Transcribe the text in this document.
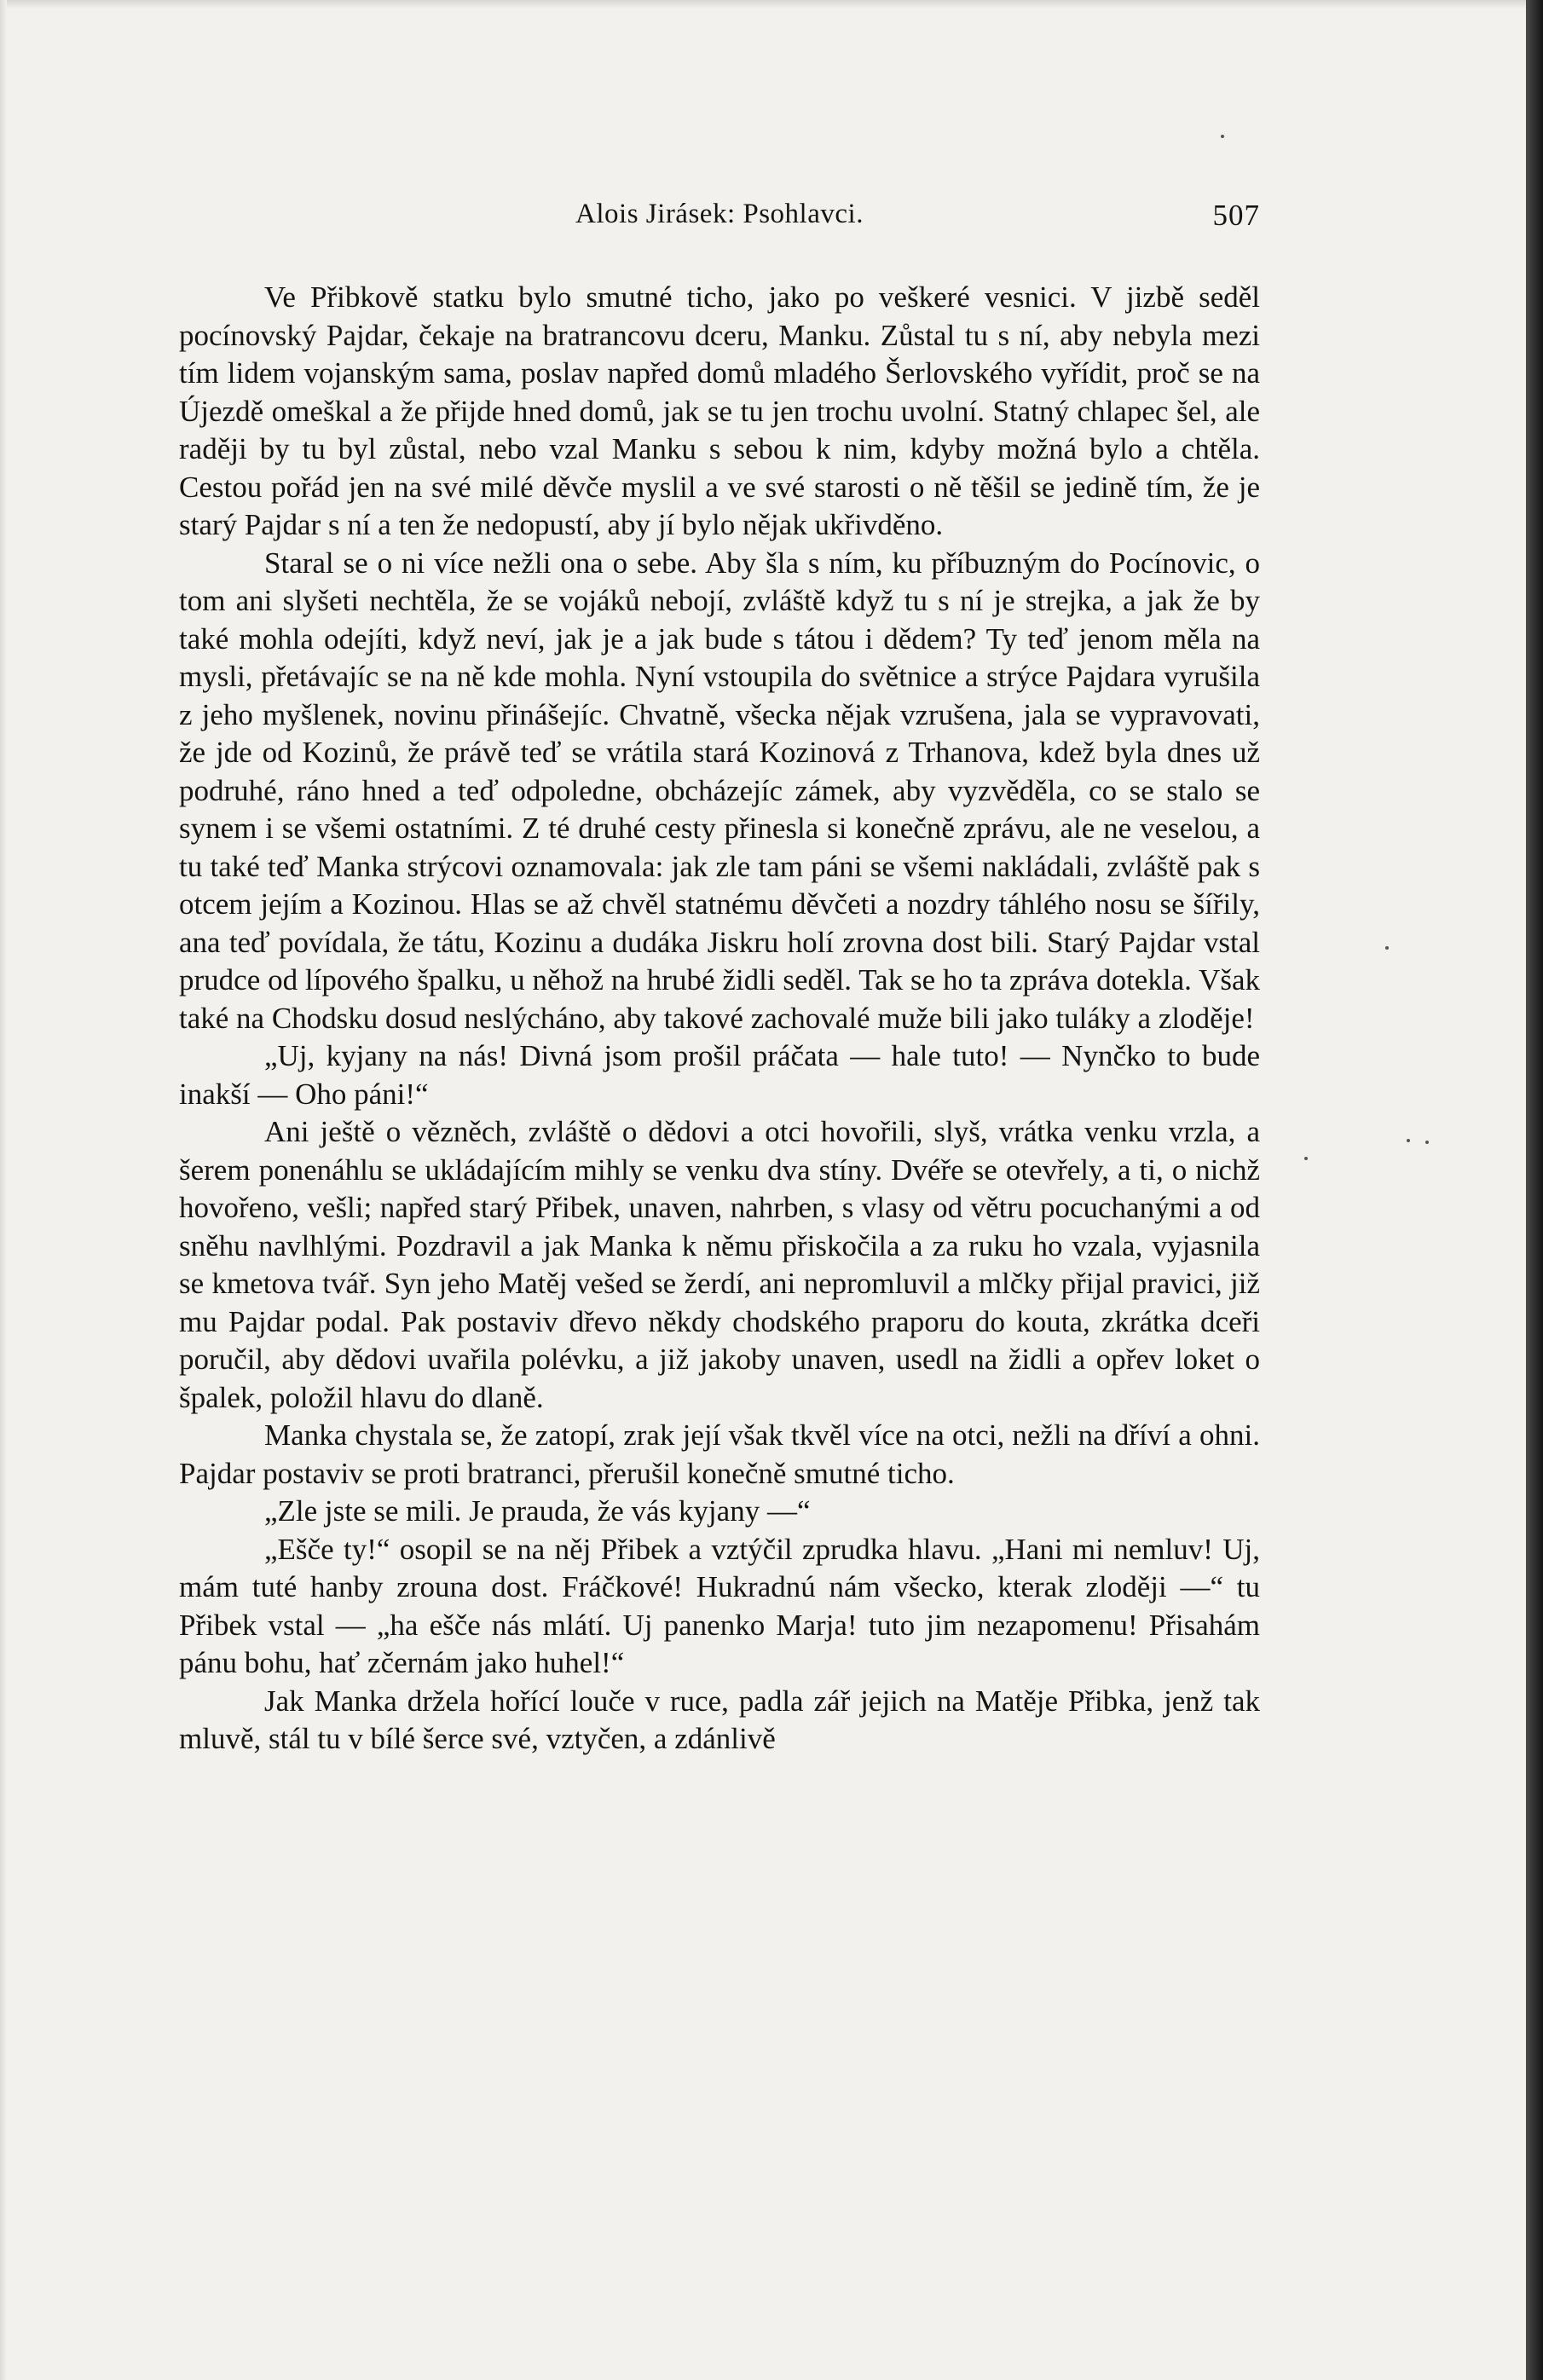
Alois Jirásek: Psohlavci.	507

Ve Přibkově statku bylo smutné ticho, jako po veškeré vesnici. V jizbě seděl pocínovský Pajdar, čekaje na bratrancovu dceru, Manku. Zůstal tu s ní, aby nebyla mezi tím lidem vojanským sama, poslav napřed domů mladého Šerlovského vyřídit, proč se na Újezdě omeškal a že přijde hned domů, jak se tu jen trochu uvolní. Statný chlapec šel, ale raději by tu byl zůstal, nebo vzal Manku s sebou k nim, kdyby možná bylo a chtěla. Cestou pořád jen na své milé děvče myslil a ve své starosti o ně těšil se jedině tím, že je starý Pajdar s ní a ten že nedopustí, aby jí bylo nějak ukřivděno.

Staral se o ni více nežli ona o sebe. Aby šla s ním, ku příbuzným do Pocínovic, o tom ani slyšeti nechtěla, že se vojáků nebojí, zvláště když tu s ní je strejka, a jak že by také mohla odejíti, když neví, jak je a jak bude s tátou i dědem? Ty teď jenom měla na mysli, přetávajíc se na ně kde mohla. Nyní vstoupila do světnice a strýce Pajdara vyrušila z jeho myšlenek, novinu přinášejíc. Chvatně, všecka nějak vzrušena, jala se vypravovati, že jde od Kozinů, že právě teď se vrátila stará Kozinová z Trhanova, kdež byla dnes už podruhé, ráno hned a teď odpoledne, obcházejíc zámek, aby vyzvěděla, co se stalo se synem i se všemi ostatními. Z té druhé cesty přinesla si konečně zprávu, ale ne veselou, a tu také teď Manka strýcovi oznamovala: jak zle tam páni se všemi nakládali, zvláště pak s otcem jejím a Kozinou. Hlas se až chvěl statnému děvčeti a nozdry táhlého nosu se šířily, ana teď povídala, že tátu, Kozinu a dudáka Jiskru holí zrovna dost bili. Starý Pajdar vstal prudce od lípového špalku, u něhož na hrubé židli seděl. Tak se ho ta zpráva dotekla. Však také na Chodsku dosud neslýcháno, aby takové zachovalé muže bili jako tuláky a zloděje!

„Uj, kyjany na nás! Divná jsom prošil práčata — hale tuto! — Nynčko to bude inakší — Oho páni!“

Ani ještě o vězněch, zvláště o dědovi a otci hovořili, slyš, vrátka venku vrzla, a šerem ponenáhlu se ukládajícím mihly se venku dva stíny. Dvéře se otevřely, a ti, o nichž hovořeno, vešli; napřed starý Přibek, unaven, nahrben, s vlasy od větru pocuchanými a od sněhu navlhlými. Pozdravil a jak Manka k němu přiskočila a za ruku ho vzala, vyjasnila se kmetova tvář. Syn jeho Matěj vešed se žerdí, ani nepromluvil a mlčky přijal pravici, již mu Pajdar podal. Pak postaviv dřevo někdy chodského praporu do kouta, zkrátka dceři poručil, aby dědovi uvařila polévku, a již jakoby unaven, usedl na židli a opřev loket o špalek, položil hlavu do dlaně.

Manka chystala se, že zatopí, zrak její však tkvěl více na otci, nežli na dříví a ohni. Pajdar postaviv se proti bratranci, přerušil konečně smutné ticho.

„Zle jste se mili. Je prauda, že vás kyjany —“

„Ešče ty!“ osopil se na něj Přibek a vztýčil zprudka hlavu. „Hani mi nemluv! Uj, mám tuté hanby zrouna dost. Fráčkové! Hukradnú nám všecko, kterak zloději —“ tu Přibek vstal — „ha ešče nás mlátí. Uj panenko Marja! tuto jim nezapomenu! Přisahám pánu bohu, hať zčernám jako huhel!“

Jak Manka držela hořící louče v ruce, padla zář jejich na Matěje Přibka, jenž tak mluvě, stál tu v bílé šerce své, vztyčen, a zdánlivě
